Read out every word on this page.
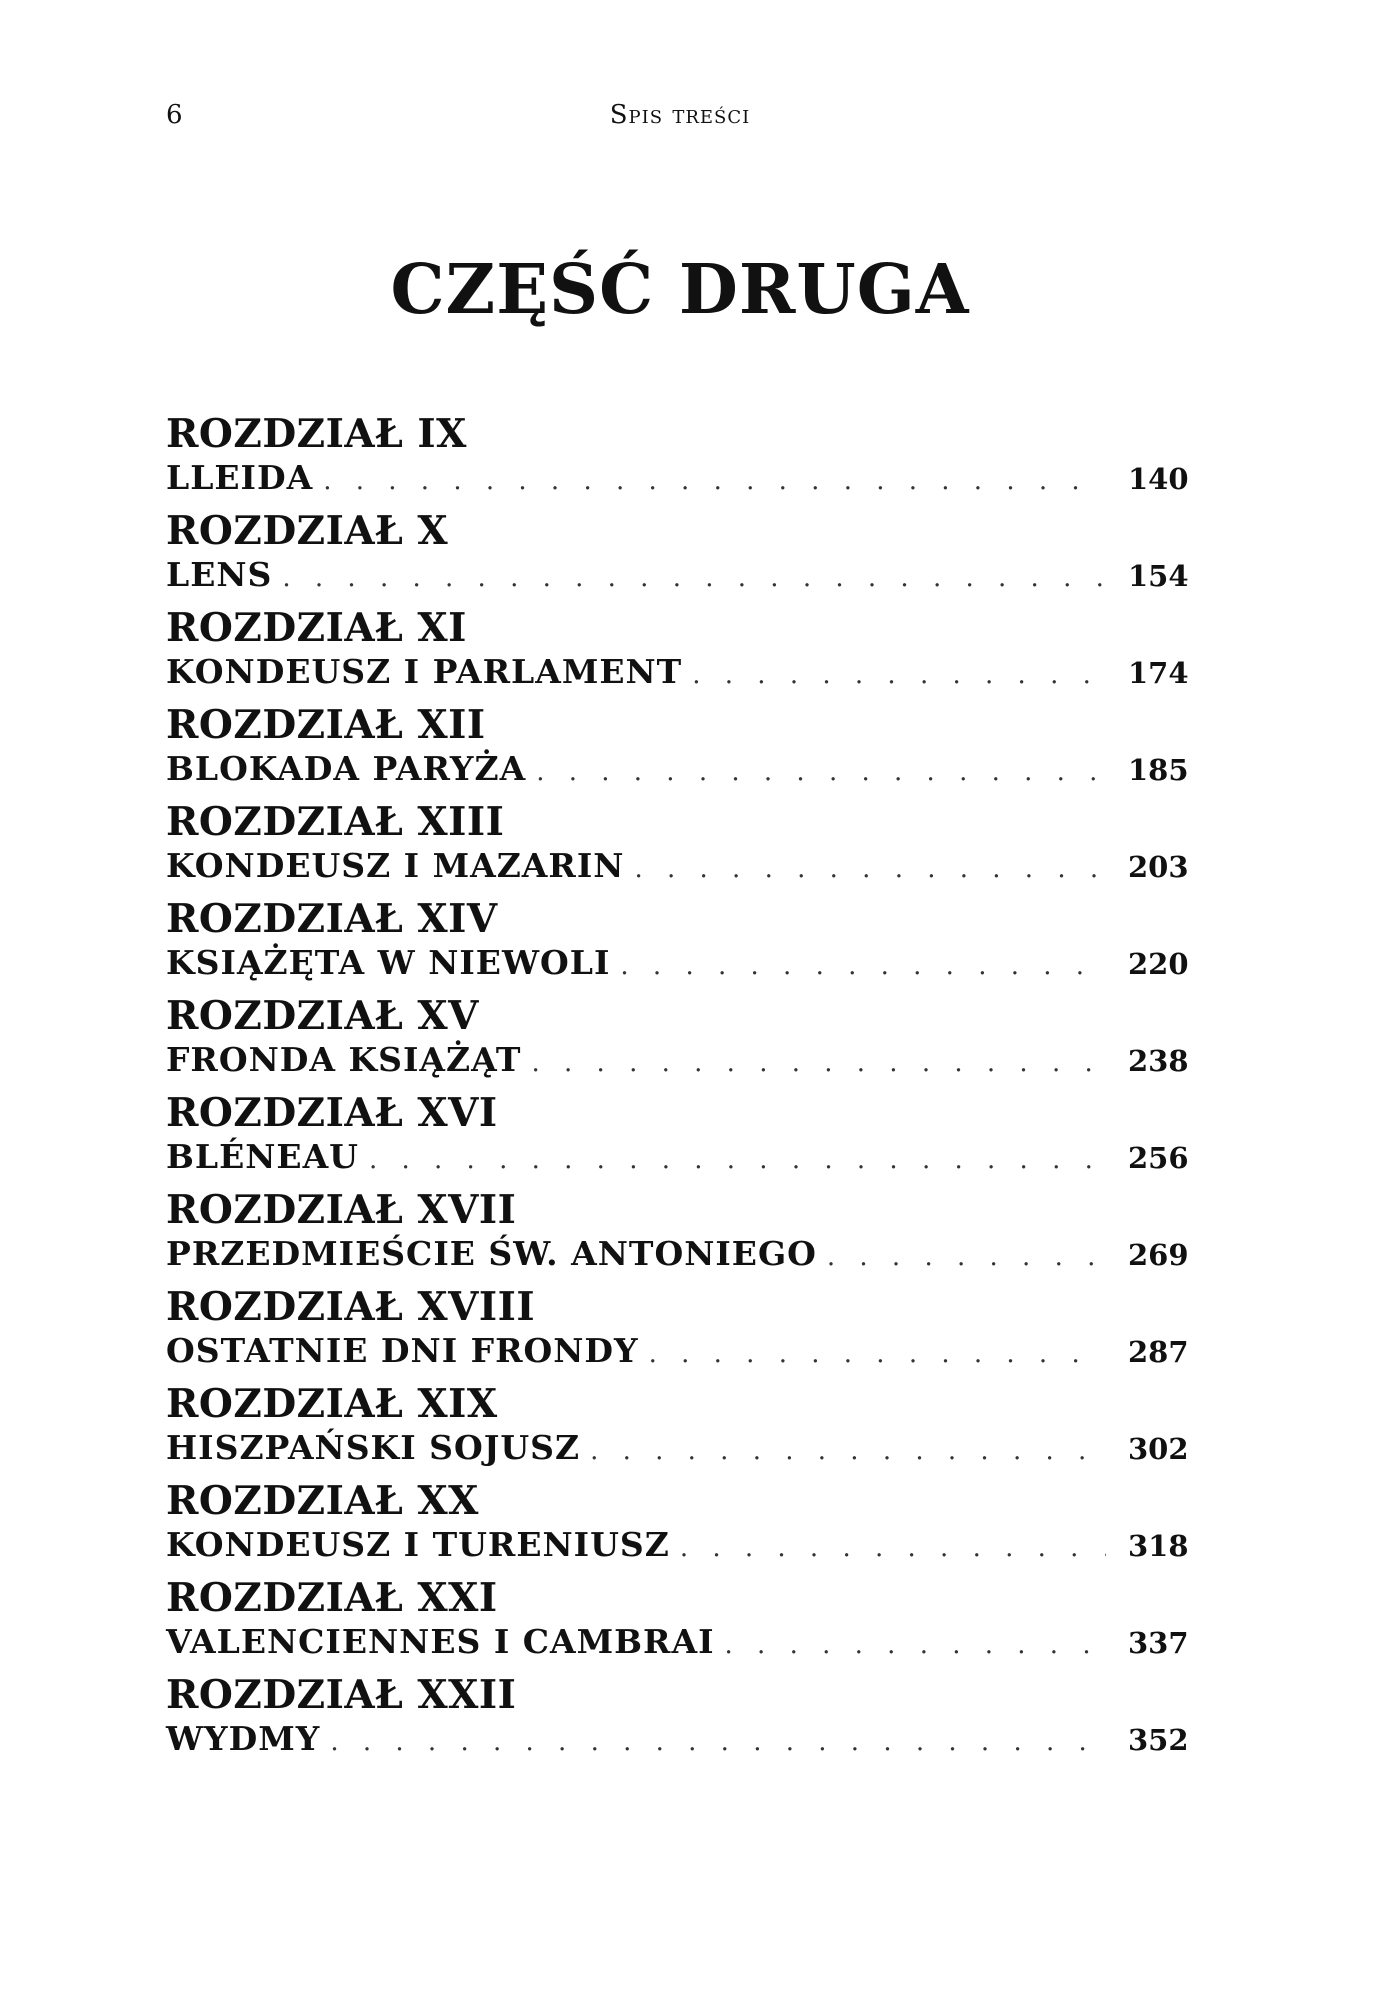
6	Spis treści
CZĘŚĆ DRUGA
ROZDZIAŁ IX
LLEIDA . . .	140
ROZDZIAŁ X
LENS . . .	154
ROZDZIAŁ XI
KONDEUSZ I PARLAMENT . . .	174
ROZDZIAŁ XII
BLOKADA PARYŻA . . .	185
ROZDZIAŁ XIII
KONDEUSZ I MAZARIN . . .	203
ROZDZIAŁ XIV
KSIĄŻĘTA W NIEWOLI . . .	220
ROZDZIAŁ XV
FRONDA KSIĄŻĄT . . .	238
ROZDZIAŁ XVI
BLÉNEAU . . .	256
ROZDZIAŁ XVII
PRZEDMIEŚCIE ŚW. ANTONIEGO . . .	269
ROZDZIAŁ XVIII
OSTATNIE DNI FRONDY . . .	287
ROZDZIAŁ XIX
HISZPAŃSKI SOJUSZ . . .	302
ROZDZIAŁ XX
KONDEUSZ I TURENIUSZ . . .	318
ROZDZIAŁ XXI
VALENCIENNES I CAMBRAI . . .	337
ROZDZIAŁ XXII
WYDMY . . .	352
